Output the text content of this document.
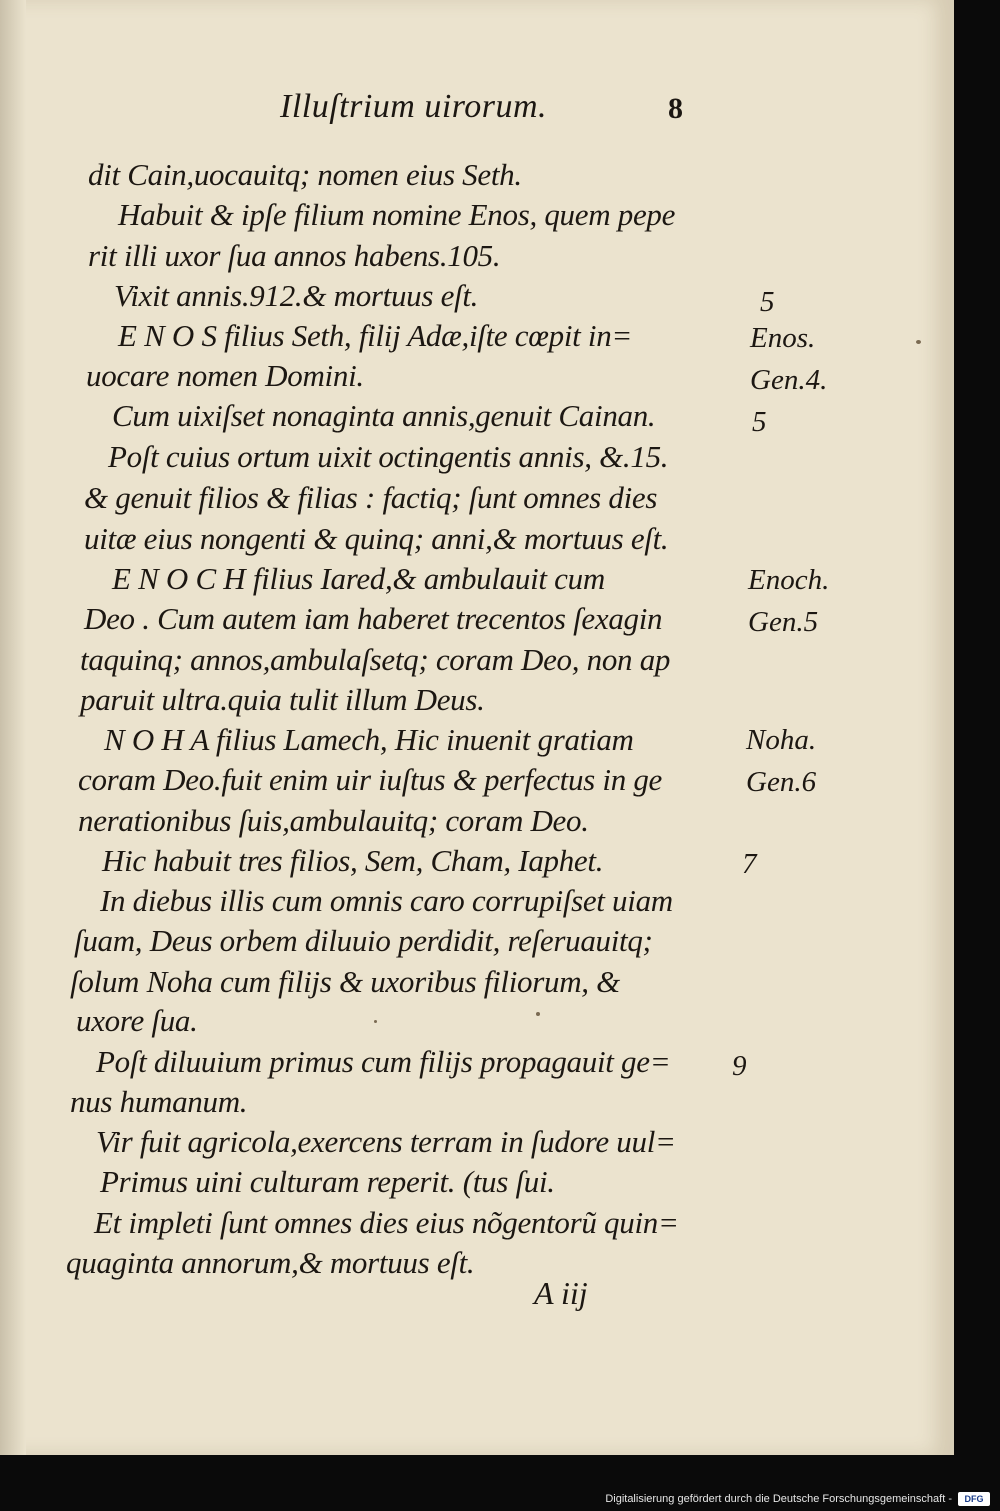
Illuſtrium uirorum.	8
dit Cain,uocauitq; nomen eius Seth.
Habuit & ipſe filium nomine Enos, quem pepe
rit illi uxor ſua annos habens.105.
Vixit annis.912.& mortuus eſt.
E N O S filius Seth, filij Adæ,iſte cœpit in=
uocare nomen Domini.
Cum uixiſset nonaginta annis,genuit Cainan.
Poſt cuius ortum uixit octingentis annis, &.15.
& genuit filios & filias : factiq; ſunt omnes dies
uitæ eius nongenti & quinq; anni,& mortuus eſt.
E N O C H filius Iared,& ambulauit cum
Deo . Cum autem iam haberet trecentos ſexagin
taquinq; annos,ambulaſsetq; coram Deo, non ap
paruit ultra.quia tulit illum Deus.
N O H A filius Lamech, Hic inuenit gratiam
coram Deo.fuit enim uir iuſtus & perfectus in ge
nerationibus ſuis,ambulauitq; coram Deo.
Hic habuit tres filios, Sem, Cham, Iaphet.
In diebus illis cum omnis caro corrupiſset uiam
ſuam, Deus orbem diluuio perdidit, reſeruauitq;
ſolum Noha cum filijs & uxoribus filiorum, &
uxore ſua.
Poſt diluuium primus cum filijs propagauit ge=
nus humanum.
Vir fuit agricola,exercens terram in ſudore uul=
Primus uini culturam reperit. (tus ſui.
Et impleti ſunt omnes dies eius nõgentorũ quin=
quaginta annorum,& mortuus eſt.
5
Enos.
Gen.4.
5
Enoch.
Gen.5
Noha.
Gen.6
7
9
A iij
Digitalisierung gefördert durch die Deutsche Forschungsgemeinschaft -	DFG
